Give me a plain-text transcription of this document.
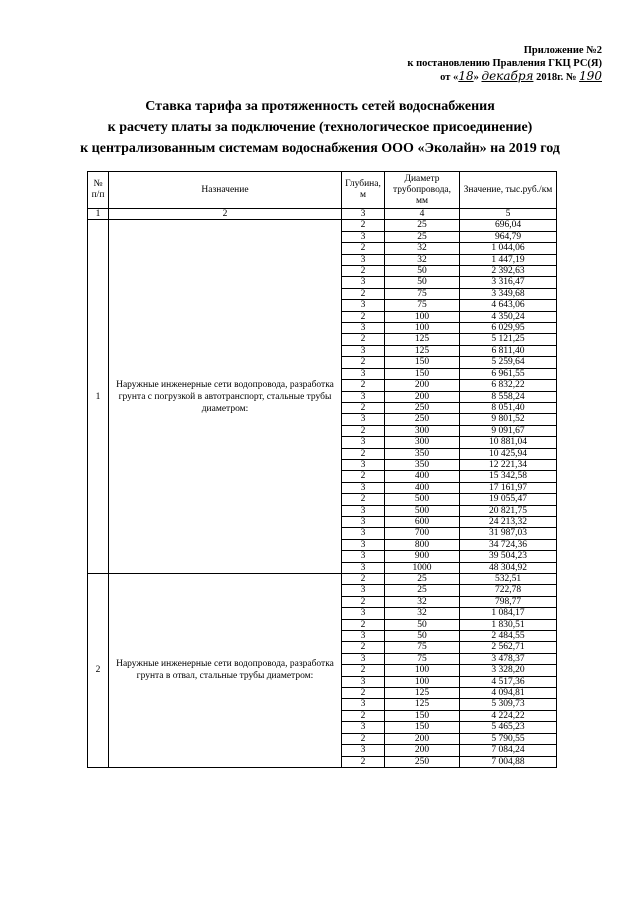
Приложение №2
к постановлению Правления ГКЦ РС(Я)
от «18» декабря 2018г. № 190
Ставка тарифа за протяженность сетей водоснабжения
к расчету платы за подключение (технологическое присоединение)
к централизованным системам водоснабжения ООО «Эколайн» на 2019 год
№ п/п	Назначение	Глубина, м	Диаметр трубопровода, мм	Значение, тыс.руб./км
1	2	3	4	5
1	Наружные инженерные сети водопровода, разработка грунта с погрузкой в автотранспорт, стальные трубы диаметром:	2	25	696,04
		3	25	964,79
		2	32	1 044,06
		3	32	1 447,19
		2	50	2 392,63
		3	50	3 316,47
		2	75	3 349,68
		3	75	4 643,06
		2	100	4 350,24
		3	100	6 029,95
		2	125	5 121,25
		3	125	6 811,40
		2	150	5 259,64
		3	150	6 961,55
		2	200	6 832,22
		3	200	8 558,24
		2	250	8 051,40
		3	250	9 801,52
		2	300	9 091,67
		3	300	10 881,04
		2	350	10 425,94
		3	350	12 221,34
		2	400	15 342,58
		3	400	17 161,97
		2	500	19 055,47
		3	500	20 821,75
		3	600	24 213,32
		3	700	31 987,03
		3	800	34 724,36
		3	900	39 504,23
		3	1000	48 304,92
2	Наружные инженерные сети водопровода, разработка грунта в отвал, стальные трубы диаметром:	2	25	532,51
		3	25	722,78
		2	32	798,77
		3	32	1 084,17
		2	50	1 830,51
		3	50	2 484,55
		2	75	2 562,71
		3	75	3 478,37
		2	100	3 328,20
		3	100	4 517,36
		2	125	4 094,81
		3	125	5 309,73
		2	150	4 224,22
		3	150	5 465,23
		2	200	5 790,55
		3	200	7 084,24
		2	250	7 004,88
